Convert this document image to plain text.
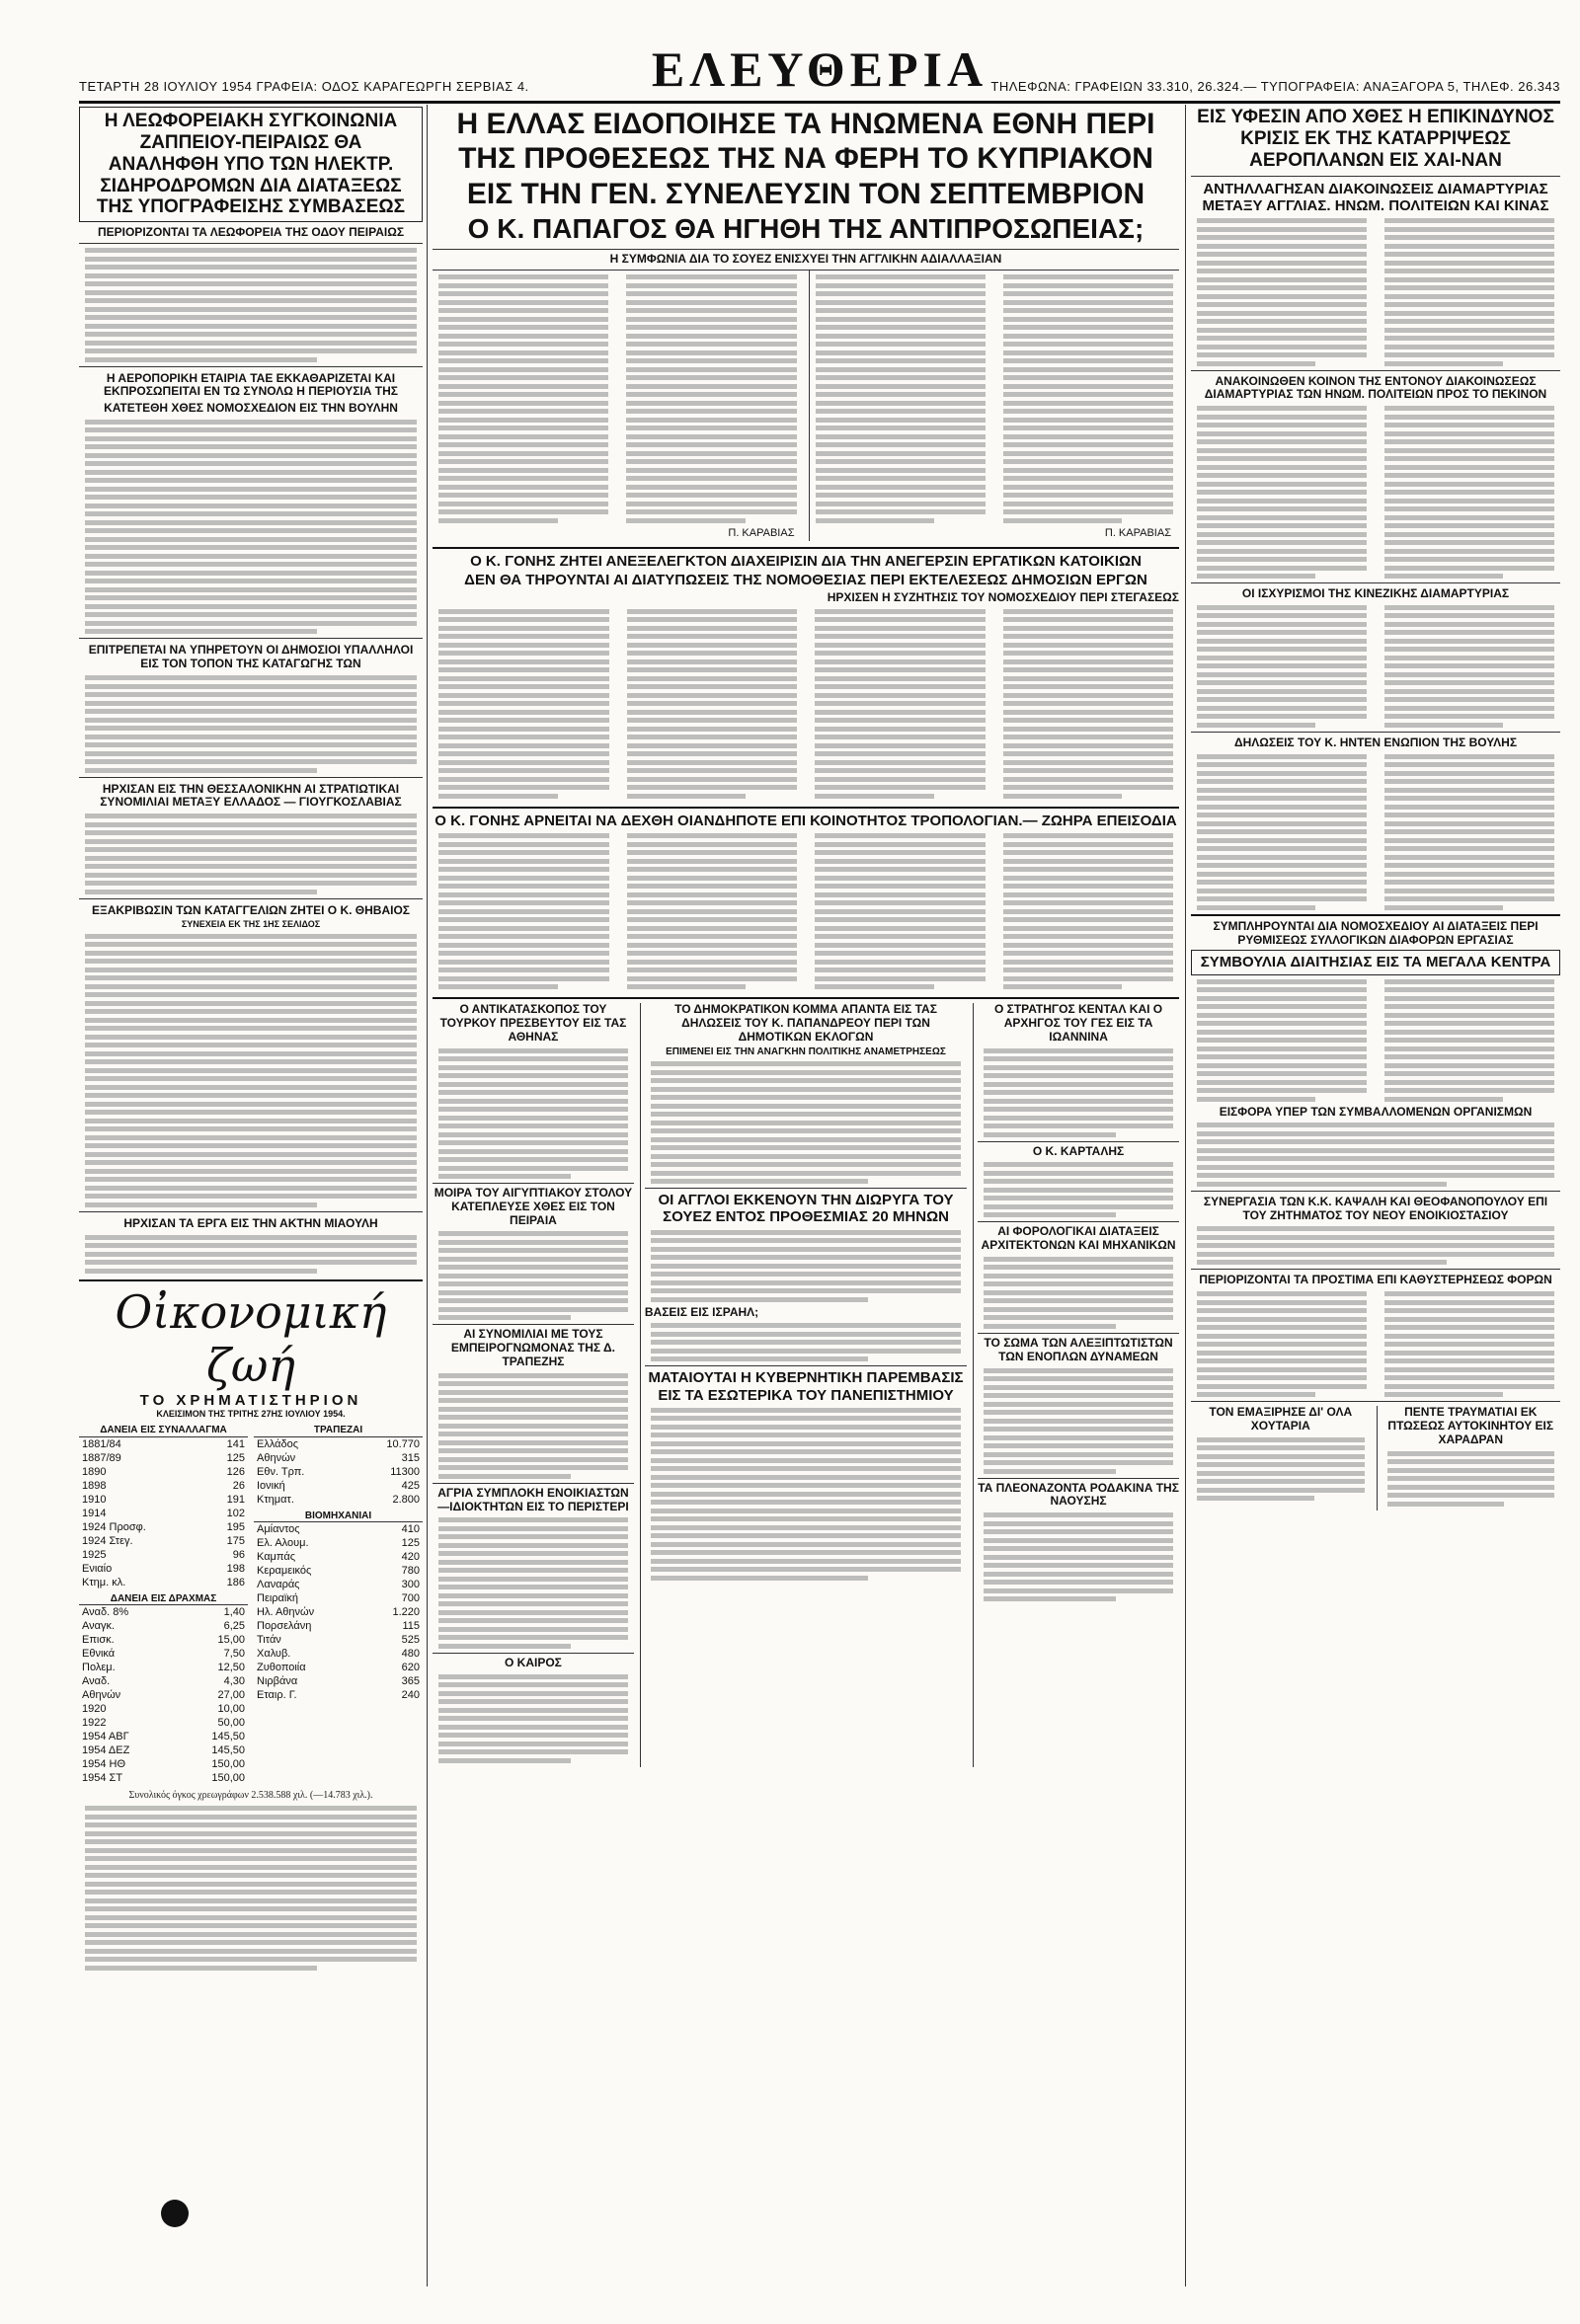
ΤΕΤΑΡΤΗ 28 ΙΟΥΛΙΟΥ 1954 ΓΡΑΦΕΙΑ: ΟΔΟΣ ΚΑΡΑΓΕΩΡΓΗ ΣΕΡΒΙΑΣ 4.	ΕΛΕΥΘΕΡΙΑ ΤΗΛΕΦΩΝΑ: ΓΡΑΦΕΙΩΝ 33.310, 26.324.— ΤΥΠΟΓΡΑΦΕΙΑ: ΑΝΑΞΑΓΟΡΑ 5, ΤΗΛΕΦ. 26.343
Η ΛΕΩΦΟΡΕΙΑΚΗ ΣΥΓΚΟΙΝΩΝΙΑ ΖΑΠΠΕΙΟΥ-ΠΕΙΡΑΙΩΣ ΘΑ ΑΝΑΛΗΦΘΗ ΥΠΟ ΤΩΝ ΗΛΕΚΤΡ. ΣΙΔΗΡΟΔΡΟΜΩΝ ΔΙΑ ΔΙΑΤΑΞΕΩΣ ΤΗΣ ΥΠΟΓΡΑΦΕΙΣΗΣ ΣΥΜΒΑΣΕΩΣ
ΠΕΡΙΟΡΙΖΟΝΤΑΙ ΤΑ ΛΕΩΦΟΡΕΙΑ ΤΗΣ ΟΔΟΥ ΠΕΙΡΑΙΩΣ
Η ΑΕΡΟΠΟΡΙΚΗ ΕΤΑΙΡΙΑ ΤΑΕ ΕΚΚΑΘΑΡΙΖΕΤΑΙ ΚΑΙ ΕΚΠΡΟΣΩΠΕΙΤΑΙ ΕΝ ΤΩ ΣΥΝΟΛΩ Η ΠΕΡΙΟΥΣΙΑ ΤΗΣ
ΚΑΤΕΤΕΘΗ ΧΘΕΣ ΝΟΜΟΣΧΕΔΙΟΝ ΕΙΣ ΤΗΝ ΒΟΥΛΗΝ
ΕΠΙΤΡΕΠΕΤΑΙ ΝΑ ΥΠΗΡΕΤΟΥΝ ΟΙ ΔΗΜΟΣΙΟΙ ΥΠΑΛΛΗΛΟΙ ΕΙΣ ΤΟΝ ΤΟΠΟΝ ΤΗΣ ΚΑΤΑΓΩΓΗΣ ΤΩΝ
ΗΡΧΙΣΑΝ ΕΙΣ ΤΗΝ ΘΕΣΣΑΛΟΝΙΚΗΝ ΑΙ ΣΤΡΑΤΙΩΤΙΚΑΙ ΣΥΝΟΜΙΛΙΑΙ ΜΕΤΑΞΥ ΕΛΛΑΔΟΣ — ΓΙΟΥΓΚΟΣΛΑΒΙΑΣ
ΕΞΑΚΡΙΒΩΣΙΝ ΤΩΝ ΚΑΤΑΓΓΕΛΙΩΝ ΖΗΤΕΙ Ο Κ. ΘΗΒΑΙΟΣ
ΣΥΝΕΧΕΙΑ ΕΚ ΤΗΣ 1ΗΣ ΣΕΛΙΔΟΣ
ΗΡΧΙΣΑΝ ΤΑ ΕΡΓΑ ΕΙΣ ΤΗΝ ΑΚΤΗΝ ΜΙΑΟΥΛΗ
Οἰκονομική ζωή
ΤΟ ΧΡΗΜΑΤΙΣΤΗΡΙΟΝ
ΚΛΕΙΣΙΜΟΝ ΤΗΣ ΤΡΙΤΗΣ 27ΗΣ ΙΟΥΛΙΟΥ 1954.
ΔΑΝΕΙΑ ΕΙΣ ΣΥΝΑΛΛΑΓΜΑ
1881/84	141
1887/89	125
1890	126
1898	26
1910	191
1914	102
1924 Προσφ.	195
1924 Στεγ.	175
1925	96
Ενιαίο	198
Κτημ. κλ.	186
ΔΑΝΕΙΑ ΕΙΣ ΔΡΑΧΜΑΣ
Αναδ. 8%	1,40
Αναγκ.	6,25
Επισκ.	15,00
Εθνικά	7,50
Πολεμ.	12,50
Αναδ.	4,30
Αθηνών	27,00
1920	10,00
1922	50,00
1954 ΑΒΓ	145,50
1954 ΔΕΖ	145,50
1954 ΗΘ	150,00
1954 ΣΤ	150,00
ΤΡΑΠΕΖΑΙ
Ελλάδος	10.770
Αθηνών	315
Εθν. Τρπ.	11300
Ιονική	425
Κτηματ.	2.800
ΒΙΟΜΗΧΑΝΙΑΙ
Αμίαντος	410
Ελ. Αλουμ.	125
Καμπάς	420
Κεραμεικός	780
Λαναράς	300
Πειραϊκή	700
Ηλ. Αθηνών	1.220
Πορσελάνη	115
Τιτάν	525
Χαλυβ.	480
Ζυθοποιία	620
Νιρβάνα	365
Εταιρ. Γ.	240
Συνολικός όγκος χρεωγράφων 2.538.588 χιλ. (—14.783 χιλ.).
Η ΕΛΛΑΣ ΕΙΔΟΠΟΙΗΣΕ ΤΑ ΗΝΩΜΕΝΑ ΕΘΝΗ ΠΕΡΙ ΤΗΣ ΠΡΟΘΕΣΕΩΣ ΤΗΣ ΝΑ ΦΕΡΗ ΤΟ ΚΥΠΡΙΑΚΟΝ ΕΙΣ ΤΗΝ ΓΕΝ. ΣΥΝΕΛΕΥΣΙΝ ΤΟΝ ΣΕΠΤΕΜΒΡΙΟΝ
Ο Κ. ΠΑΠΑΓΟΣ ΘΑ ΗΓΗΘΗ ΤΗΣ ΑΝΤΙΠΡΟΣΩΠΕΙΑΣ;
Η ΣΥΜΦΩΝΙΑ ΔΙΑ ΤΟ ΣΟΥΕΖ ΕΝΙΣΧΥΕΙ ΤΗΝ ΑΓΓΛΙΚΗΝ ΑΔΙΑΛΛΑΞΙΑΝ
Π. ΚΑΡΑΒΙΑΣ	Π. ΚΑΡΑΒΙΑΣ
Ο Κ. ΓΟΝΗΣ ΖΗΤΕΙ ΑΝΕΞΕΛΕΓΚΤΟΝ ΔΙΑΧΕΙΡΙΣΙΝ ΔΙΑ ΤΗΝ ΑΝΕΓΕΡΣΙΝ ΕΡΓΑΤΙΚΩΝ ΚΑΤΟΙΚΙΩΝ
ΔΕΝ ΘΑ ΤΗΡΟΥΝΤΑΙ ΑΙ ΔΙΑΤΥΠΩΣΕΙΣ ΤΗΣ ΝΟΜΟΘΕΣΙΑΣ ΠΕΡΙ ΕΚΤΕΛΕΣΕΩΣ ΔΗΜΟΣΙΩΝ ΕΡΓΩΝ
ΗΡΧΙΣΕΝ Η ΣΥΖΗΤΗΣΙΣ ΤΟΥ ΝΟΜΟΣΧΕΔΙΟΥ ΠΕΡΙ ΣΤΕΓΑΣΕΩΣ
Ο Κ. ΓΟΝΗΣ ΑΡΝΕΙΤΑΙ ΝΑ ΔΕΧΘΗ ΟΙΑΝΔΗΠΟΤΕ ΕΠΙ ΚΟΙΝΟΤΗΤΟΣ ΤΡΟΠΟΛΟΓΙΑΝ.— ΖΩΗΡΑ ΕΠΕΙΣΟΔΙΑ
Ο ΑΝΤΙΚΑΤΑΣΚΟΠΟΣ ΤΟΥ ΤΟΥΡΚΟΥ ΠΡΕΣΒΕΥΤΟΥ ΕΙΣ ΤΑΣ ΑΘΗΝΑΣ
ΜΟΙΡΑ ΤΟΥ ΑΙΓΥΠΤΙΑΚΟΥ ΣΤΟΛΟΥ ΚΑΤΕΠΛΕΥΣΕ ΧΘΕΣ ΕΙΣ ΤΟΝ ΠΕΙΡΑΙΑ
ΑΙ ΣΥΝΟΜΙΛΙΑΙ ΜΕ ΤΟΥΣ ΕΜΠΕΙΡΟΓΝΩΜΟΝΑΣ ΤΗΣ Δ. ΤΡΑΠΕΖΗΣ
ΑΓΡΙΑ ΣΥΜΠΛΟΚΗ ΕΝΟΙΚΙΑΣΤΩΝ—ΙΔΙΟΚΤΗΤΩΝ ΕΙΣ ΤΟ ΠΕΡΙΣΤΕΡΙ
Ο ΚΑΙΡΟΣ
ΤΟ ΔΗΜΟΚΡΑΤΙΚΟΝ ΚΟΜΜΑ ΑΠΑΝΤΑ ΕΙΣ ΤΑΣ ΔΗΛΩΣΕΙΣ ΤΟΥ Κ. ΠΑΠΑΝΔΡΕΟΥ ΠΕΡΙ ΤΩΝ ΔΗΜΟΤΙΚΩΝ ΕΚΛΟΓΩΝ
ΕΠΙΜΕΝΕΙ ΕΙΣ ΤΗΝ ΑΝΑΓΚΗΝ ΠΟΛΙΤΙΚΗΣ ΑΝΑΜΕΤΡΗΣΕΩΣ
ΟΙ ΑΓΓΛΟΙ ΕΚΚΕΝΟΥΝ ΤΗΝ ΔΙΩΡΥΓΑ ΤΟΥ ΣΟΥΕΖ ΕΝΤΟΣ ΠΡΟΘΕΣΜΙΑΣ 20 ΜΗΝΩΝ
ΒΑΣΕΙΣ ΕΙΣ ΙΣΡΑΗΛ;
ΜΑΤΑΙΟΥΤΑΙ Η ΚΥΒΕΡΝΗΤΙΚΗ ΠΑΡΕΜΒΑΣΙΣ ΕΙΣ ΤΑ ΕΣΩΤΕΡΙΚΑ ΤΟΥ ΠΑΝΕΠΙΣΤΗΜΙΟΥ
Ο ΣΤΡΑΤΗΓΟΣ ΚΕΝΤΑΛ ΚΑΙ Ο ΑΡΧΗΓΟΣ ΤΟΥ ΓΕΣ ΕΙΣ ΤΑ ΙΩΑΝΝΙΝΑ
Ο Κ. ΚΑΡΤΑΛΗΣ
ΑΙ ΦΟΡΟΛΟΓΙΚΑΙ ΔΙΑΤΑΞΕΙΣ ΑΡΧΙΤΕΚΤΟΝΩΝ ΚΑΙ ΜΗΧΑΝΙΚΩΝ
ΤΟ ΣΩΜΑ ΤΩΝ ΑΛΕΞΙΠΤΩΤΙΣΤΩΝ ΤΩΝ ΕΝΟΠΛΩΝ ΔΥΝΑΜΕΩΝ
ΤΑ ΠΛΕΟΝΑΖΟΝΤΑ ΡΟΔΑΚΙΝΑ ΤΗΣ ΝΑΟΥΣΗΣ
ΕΙΣ ΥΦΕΣΙΝ ΑΠΟ ΧΘΕΣ Η ΕΠΙΚΙΝΔΥΝΟΣ ΚΡΙΣΙΣ ΕΚ ΤΗΣ ΚΑΤΑΡΡΙΨΕΩΣ ΑΕΡΟΠΛΑΝΩΝ ΕΙΣ ΧΑΙ-ΝΑΝ
ΑΝΤΗΛΛΑΓΗΣΑΝ ΔΙΑΚΟΙΝΩΣΕΙΣ ΔΙΑΜΑΡΤΥΡΙΑΣ ΜΕΤΑΞΥ ΑΓΓΛΙΑΣ. ΗΝΩΜ. ΠΟΛΙΤΕΙΩΝ ΚΑΙ ΚΙΝΑΣ
ΑΝΑΚΟΙΝΩΘΕΝ ΚΟΙΝΟΝ ΤΗΣ ΕΝΤΟΝΟΥ ΔΙΑΚΟΙΝΩΣΕΩΣ ΔΙΑΜΑΡΤΥΡΙΑΣ ΤΩΝ ΗΝΩΜ. ΠΟΛΙΤΕΙΩΝ ΠΡΟΣ ΤΟ ΠΕΚΙΝΟΝ
ΟΙ ΙΣΧΥΡΙΣΜΟΙ ΤΗΣ ΚΙΝΕΖΙΚΗΣ ΔΙΑΜΑΡΤΥΡΙΑΣ
ΔΗΛΩΣΕΙΣ ΤΟΥ Κ. ΗΝΤΕΝ ΕΝΩΠΙΟΝ ΤΗΣ ΒΟΥΛΗΣ
ΣΥΜΠΛΗΡΟΥΝΤΑΙ ΔΙΑ ΝΟΜΟΣΧΕΔΙΟΥ ΑΙ ΔΙΑΤΑΞΕΙΣ ΠΕΡΙ ΡΥΘΜΙΣΕΩΣ ΣΥΛΛΟΓΙΚΩΝ ΔΙΑΦΟΡΩΝ ΕΡΓΑΣΙΑΣ
ΣΥΜΒΟΥΛΙΑ ΔΙΑΙΤΗΣΙΑΣ ΕΙΣ ΤΑ ΜΕΓΑΛΑ ΚΕΝΤΡΑ
ΕΙΣΦΟΡΑ ΥΠΕΡ ΤΩΝ ΣΥΜΒΑΛΛΟΜΕΝΩΝ ΟΡΓΑΝΙΣΜΩΝ
ΣΥΝΕΡΓΑΣΙΑ ΤΩΝ Κ.Κ. ΚΑΨΑΛΗ ΚΑΙ ΘΕΟΦΑΝΟΠΟΥΛΟΥ ΕΠΙ ΤΟΥ ΖΗΤΗΜΑΤΟΣ ΤΟΥ ΝΕΟΥ ΕΝΟΙΚΙΟΣΤΑΣΙΟΥ
ΠΕΡΙΟΡΙΖΟΝΤΑΙ ΤΑ ΠΡΟΣΤΙΜΑ ΕΠΙ ΚΑΘΥΣΤΕΡΗΣΕΩΣ ΦΟΡΩΝ
ΤΟΝ ΕΜΑΞΙΡΗΣΕ ΔΙ' ΟΛΑ ΧΟΥΤΑΡΙΑ
ΠΕΝΤΕ ΤΡΑΥΜΑΤΙΑΙ ΕΚ ΠΤΩΣΕΩΣ ΑΥΤΟΚΙΝΗΤΟΥ ΕΙΣ ΧΑΡΑΔΡΑΝ
